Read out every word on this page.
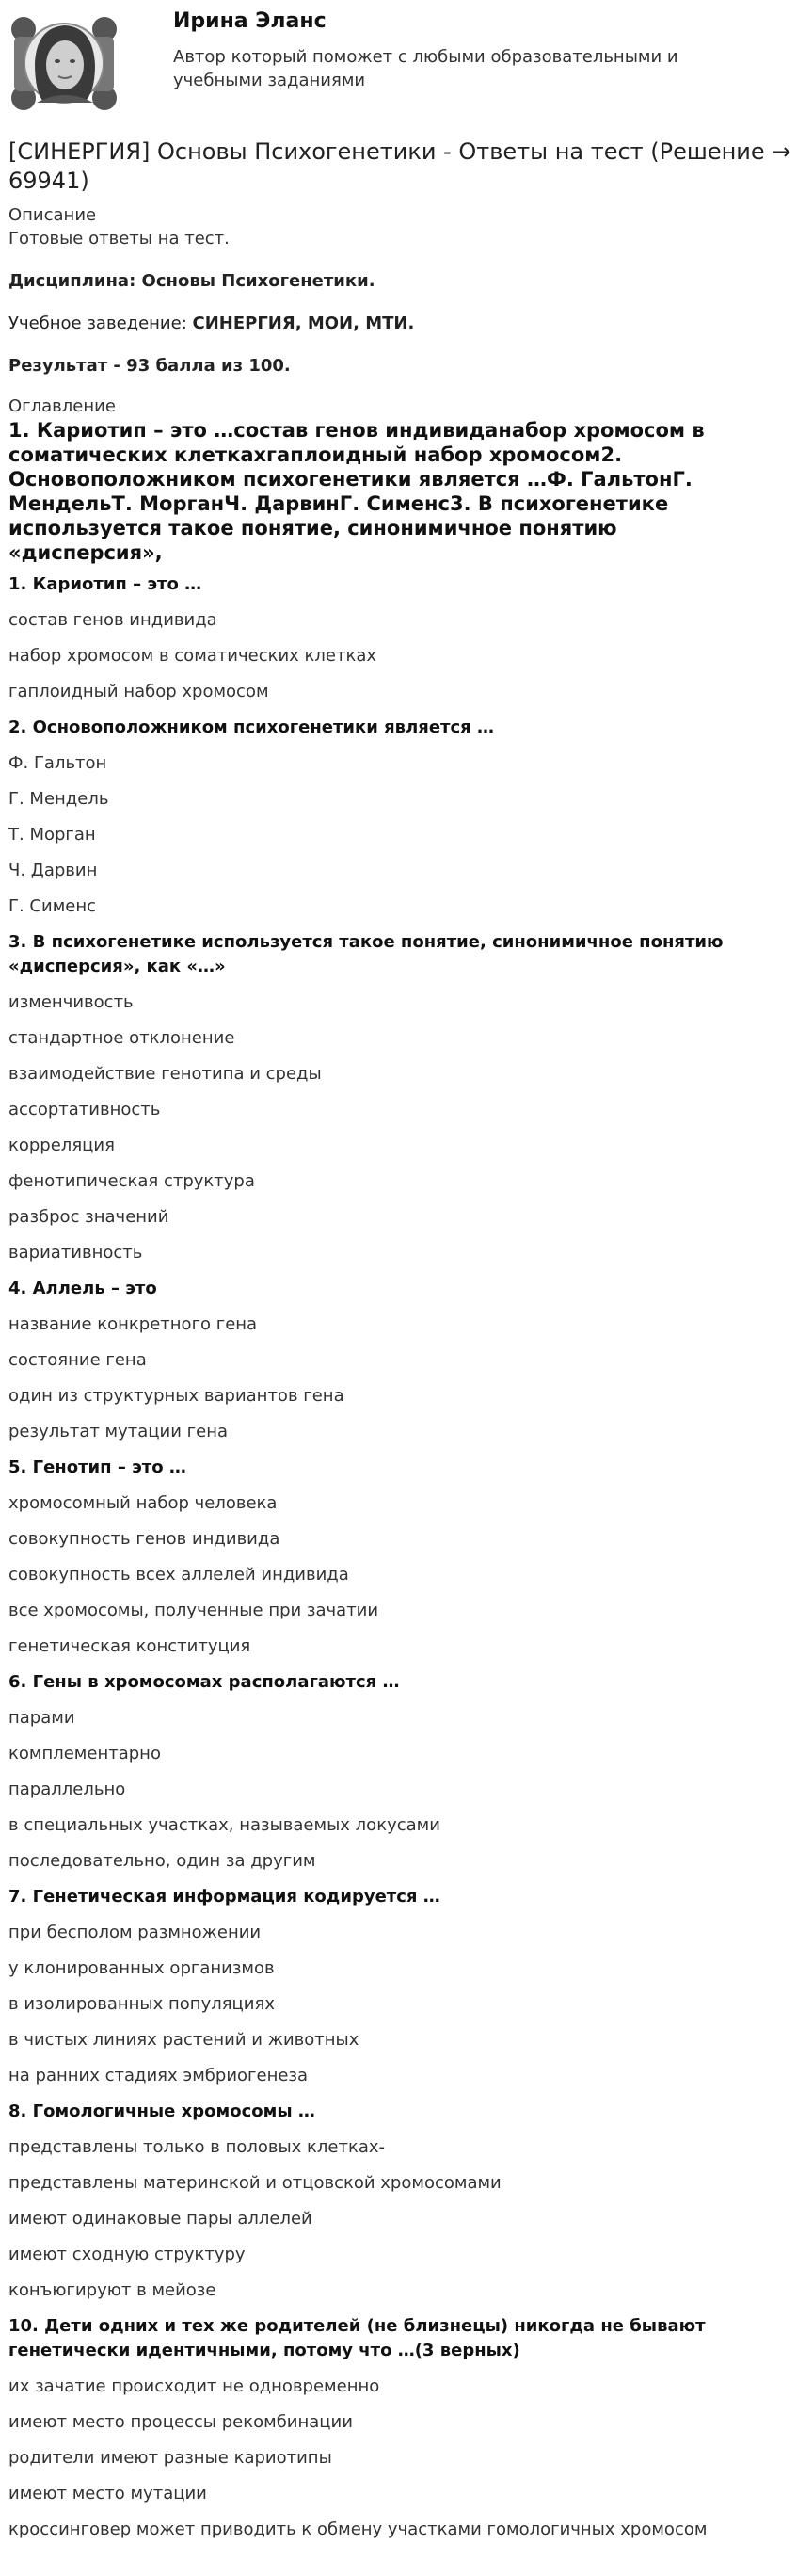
Ирина Эланс
Автор который поможет с любыми образовательными и
учебными заданиями
[СИНЕРГИЯ] Основы Психогенетики - Ответы на тест (Решение →
69941)
Описание
Готовые ответы на тест.
Дисциплина: Основы Психогенетики.
Учебное заведение: СИНЕРГИЯ, МОИ, МТИ.
Результат - 93 балла из 100.
Оглавление
1. Кариотип – это …состав генов индивиданабор хромосом в
соматических клеткахгаплоидный набор хромосом2.
Основоположником психогенетики является …Ф. ГальтонГ.
МендельТ. МорганЧ. ДарвинГ. Сименс3. В психогенетике
используется такое понятие, синонимичное понятию
«дисперсия»,
1. Кариотип – это …
состав генов индивида
набор хромосом в соматических клетках
гаплоидный набор хромосом
2. Основоположником психогенетики является …
Ф. Гальтон
Г. Мендель
Т. Морган
Ч. Дарвин
Г. Сименс
3. В психогенетике используется такое понятие, синонимичное понятию
«дисперсия», как «…»
изменчивость
стандартное отклонение
взаимодействие генотипа и среды
ассортативность
корреляция
фенотипическая структура
разброс значений
вариативность
4. Аллель – это
название конкретного гена
состояние гена
один из структурных вариантов гена
результат мутации гена
5. Генотип – это …
хромосомный набор человека
совокупность генов индивида
совокупность всех аллелей индивида
все хромосомы, полученные при зачатии
генетическая конституция
6. Гены в хромосомах располагаются …
парами
комплементарно
параллельно
в специальных участках, называемых локусами
последовательно, один за другим
7. Генетическая информация кодируется …
при бесполом размножении
у клонированных организмов
в изолированных популяциях
в чистых линиях растений и животных
на ранних стадиях эмбриогенеза
8. Гомологичные хромосомы …
представлены только в половых клетках-
представлены материнской и отцовской хромосомами
имеют одинаковые пары аллелей
имеют сходную структуру
конъюгируют в мейозе
10. Дети одних и тех же родителей (не близнецы) никогда не бывают
генетически идентичными, потому что …(3 верных)
их зачатие происходит не одновременно
имеют место процессы рекомбинации
родители имеют разные кариотипы
имеют место мутации
кроссинговер может приводить к обмену участками гомологичных хромосом
